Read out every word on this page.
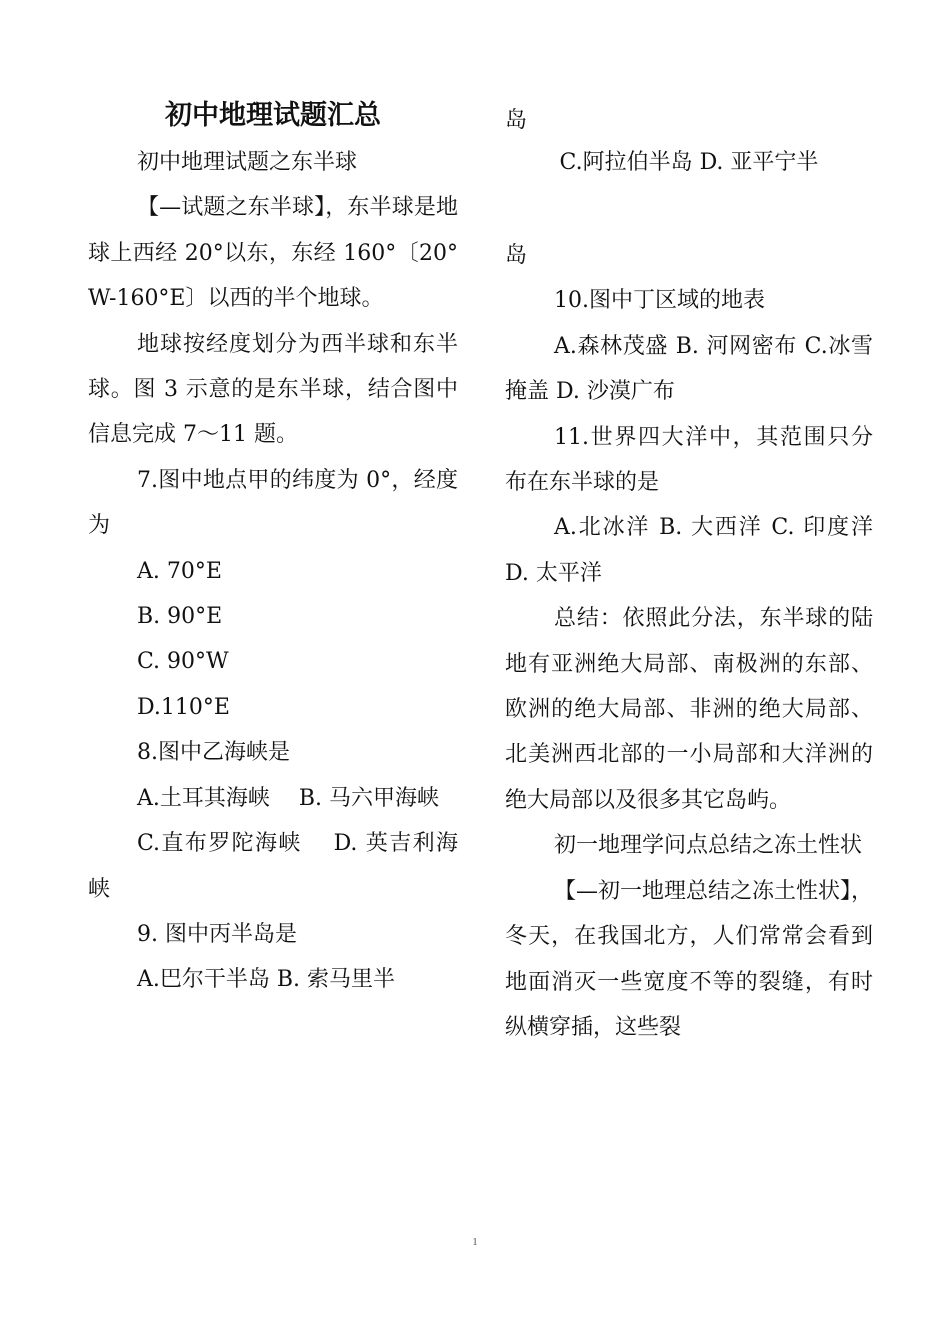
初中地理试题汇总

初中地理试题之东半球

【—试题之东半球】，东半球是地球上西经 20°以东，东经 160°〔20°W-160°E〕以西的半个地球。

地球按经度划分为西半球和东半球。图 3 示意的是东半球，结合图中信息完成 7～11 题。

7.图中地点甲的纬度为 0°，经度为

A. 70°E

B. 90°E

C. 90°W

D.110°E

8.图中乙海峡是

A.土耳其海峡　 B. 马六甲海峡

C.直布罗陀海峡　 D. 英吉利海峡

9. 图中丙半岛是

A.巴尔干半岛 B. 索马里半

岛

C.阿拉伯半岛 D. 亚平宁半

岛

10.图中丁区域的地表

A.森林茂盛 B. 河网密布 C.冰雪掩盖 D. 沙漠广布

11.世界四大洋中，其范围只分布在东半球的是

A.北冰洋 B. 大西洋 C. 印度洋 D. 太平洋

总结：依照此分法，东半球的陆地有亚洲绝大局部、南极洲的东部、欧洲的绝大局部、非洲的绝大局部、北美洲西北部的一小局部和大洋洲的绝大局部以及很多其它岛屿。

初一地理学问点总结之冻土性状

【—初一地理总结之冻土性状】，冬天，在我国北方，人们常常会看到地面消灭一些宽度不等的裂缝，有时纵横穿插，这些裂

1
